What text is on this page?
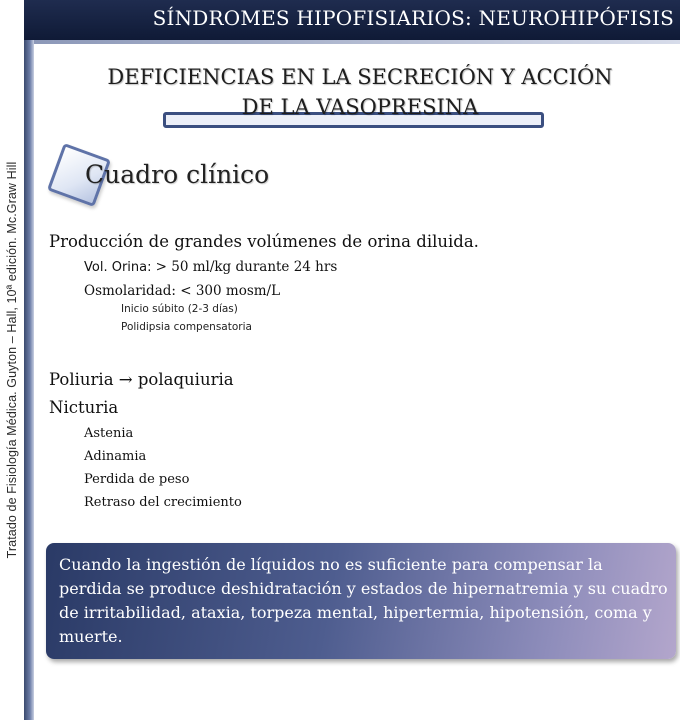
Tratado de Fisiología Médica. Guyton – Hall, 10ª edición. Mc.Graw Hill
SÍNDROMES HIPOFISIARIOS: NEUROHIPÓFISIS
DEFICIENCIAS EN LA SECRECIÓN Y ACCIÓN
DE LA VASOPRESINA
Cuadro clínico
Producción de grandes volúmenes de orina diluida.
Vol. Orina: > 50 ml/kg durante 24 hrs
Osmolaridad: < 300 mosm/L
Inicio súbito (2-3 días)
Polidipsia compensatoria
Poliuria → polaquiuria
Nicturia
Astenia
Adinamia
Perdida de peso
Retraso del crecimiento
Cuando la ingestión de líquidos no es suficiente para compensar la perdida se produce deshidratación y estados de hipernatremia y su cuadro de irritabilidad, ataxia, torpeza mental, hipertermia, hipotensión, coma y muerte.
